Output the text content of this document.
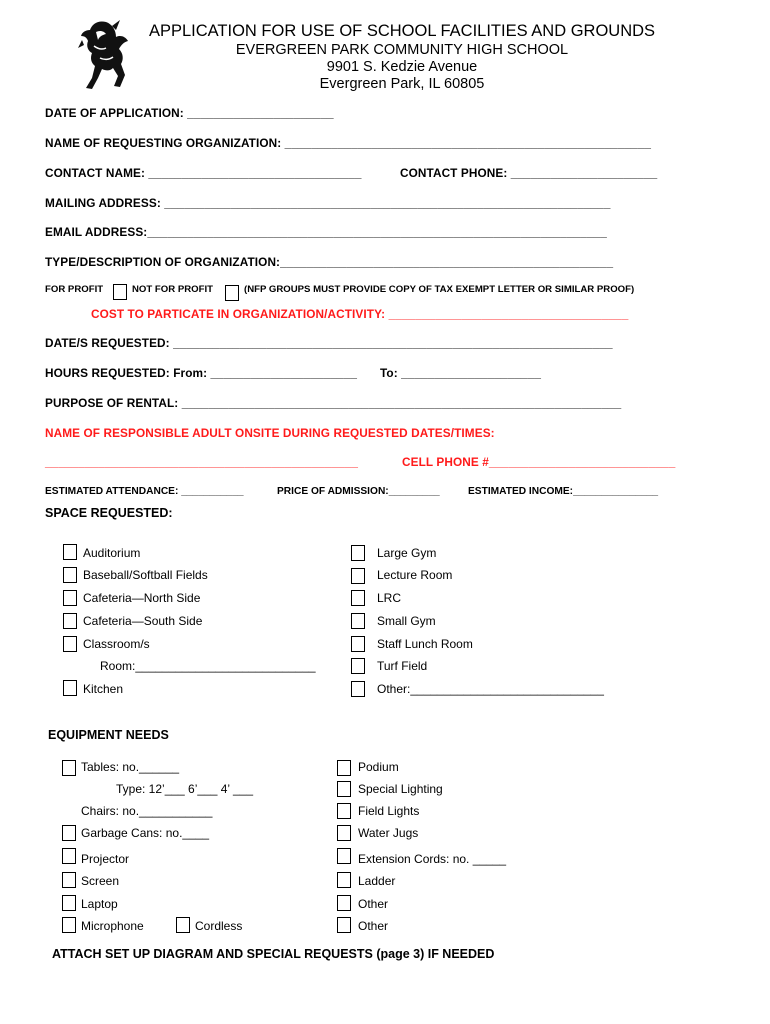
APPLICATION FOR USE OF SCHOOL FACILITIES AND GROUNDS
EVERGREEN PARK COMMUNITY HIGH SCHOOL
9901 S. Kedzie Avenue
Evergreen Park, IL 60805
DATE OF APPLICATION: ______________________
NAME OF REQUESTING ORGANIZATION: _______________________________________________________
CONTACT NAME: ________________________________	CONTACT PHONE: ______________________
MAILING ADDRESS: ___________________________________________________________________
EMAIL ADDRESS:_____________________________________________________________________
TYPE/DESCRIPTION OF ORGANIZATION:__________________________________________________
FOR PROFIT	NOT FOR PROFIT	(NFP GROUPS MUST PROVIDE COPY OF TAX EXEMPT LETTER OR SIMILAR PROOF)
COST TO PARTICATE IN ORGANIZATION/ACTIVITY: ____________________________________
DATE/S REQUESTED: __________________________________________________________________
HOURS REQUESTED: From: ______________________ To: _____________________
PURPOSE OF RENTAL: __________________________________________________________________
NAME OF RESPONSIBLE ADULT ONSITE DURING REQUESTED DATES/TIMES:
_______________________________________________	CELL PHONE #____________________________
ESTIMATED ATTENDANCE: ___________	PRICE OF ADMISSION:_________	ESTIMATED INCOME:_______________
SPACE REQUESTED:
Auditorium
Baseball/Softball Fields
Cafeteria—North Side
Cafeteria—South Side
Classroom/s
Room:___________________________
Kitchen
Large Gym
Lecture Room
LRC
Small Gym
Staff Lunch Room
Turf Field
Other:_____________________________
EQUIPMENT NEEDS
Tables: no.______
Type: 12’___ 6’___ 4’ ___
Chairs: no.___________
Garbage Cans: no.____
Projector
Screen
Laptop
Microphone	Cordless
Podium
Special Lighting
Field Lights
Water Jugs
Extension Cords: no. _____
Ladder
Other
Other
ATTACH SET UP DIAGRAM AND SPECIAL REQUESTS (page 3) IF NEEDED
